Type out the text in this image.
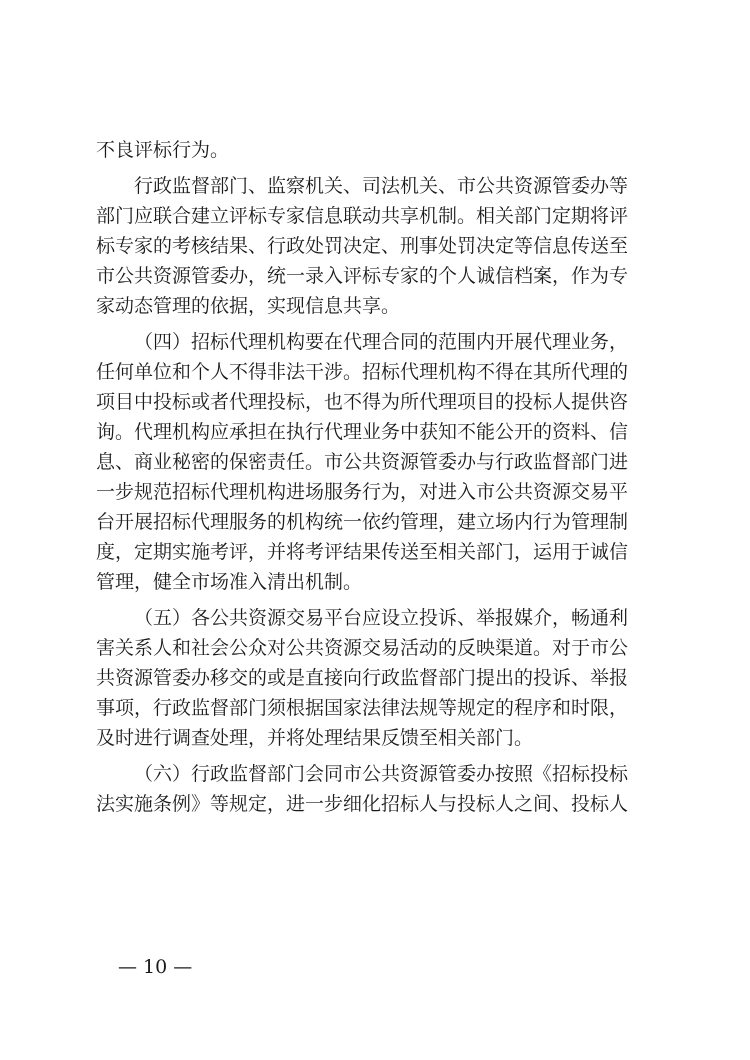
不良评标行为。
行政监督部门、监察机关、司法机关、市公共资源管委办等
部门应联合建立评标专家信息联动共享机制。相关部门定期将评
标专家的考核结果、行政处罚决定、刑事处罚决定等信息传送至
市公共资源管委办，统一录入评标专家的个人诚信档案，作为专
家动态管理的依据，实现信息共享。
（四）招标代理机构要在代理合同的范围内开展代理业务，
任何单位和个人不得非法干涉。招标代理机构不得在其所代理的
项目中投标或者代理投标，也不得为所代理项目的投标人提供咨
询。代理机构应承担在执行代理业务中获知不能公开的资料、信
息、商业秘密的保密责任。市公共资源管委办与行政监督部门进
一步规范招标代理机构进场服务行为，对进入市公共资源交易平
台开展招标代理服务的机构统一依约管理，建立场内行为管理制
度，定期实施考评，并将考评结果传送至相关部门，运用于诚信
管理，健全市场准入清出机制。
（五）各公共资源交易平台应设立投诉、举报媒介，畅通利
害关系人和社会公众对公共资源交易活动的反映渠道。对于市公
共资源管委办移交的或是直接向行政监督部门提出的投诉、举报
事项，行政监督部门须根据国家法律法规等规定的程序和时限，
及时进行调查处理，并将处理结果反馈至相关部门。
（六）行政监督部门会同市公共资源管委办按照《招标投标
法实施条例》等规定，进一步细化招标人与投标人之间、投标人
— 10 —
